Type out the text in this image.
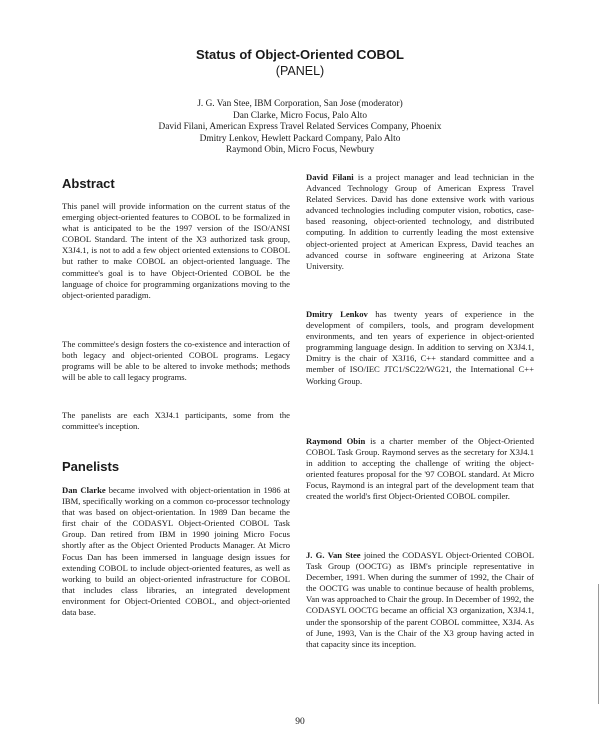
Status of Object-Oriented COBOL
(PANEL)
J. G. Van Stee, IBM Corporation, San Jose (moderator)
Dan Clarke, Micro Focus, Palo Alto
David Filani, American Express Travel Related Services Company, Phoenix
Dmitry Lenkov, Hewlett Packard Company, Palo Alto
Raymond Obin, Micro Focus, Newbury
Abstract

This panel will provide information on the current status of the emerging object-oriented features to COBOL to be formalized in what is anticipated to be the 1997 version of the ISO/ANSI COBOL Standard. The intent of the X3 authorized task group, X3J4.1, is not to add a few object oriented extensions to COBOL but rather to make COBOL an object-oriented language. The committee's goal is to have Object-Oriented COBOL be the language of choice for programming organizations moving to the object-oriented paradigm.

The committee's design fosters the co-existence and interaction of both legacy and object-oriented COBOL programs. Legacy programs will be able to be altered to invoke methods; methods will be able to call legacy programs.

The panelists are each X3J4.1 participants, some from the committee's inception.

Panelists

Dan Clarke became involved with object-orientation in 1986 at IBM, specifically working on a common co-processor technology that was based on object-orientation. In 1989 Dan became the first chair of the CODASYL Object-Oriented COBOL Task Group. Dan retired from IBM in 1990 joining Micro Focus shortly after as the Object Oriented Products Manager. At Micro Focus Dan has been immersed in language design issues for extending COBOL to include object-oriented features, as well as working to build an object-oriented infrastructure for COBOL that includes class libraries, an integrated development environment for Object-Oriented COBOL, and object-oriented data base.

David Filani is a project manager and lead technician in the Advanced Technology Group of American Express Travel Related Services. David has done extensive work with various advanced technologies including computer vision, robotics, case-based reasoning, object-oriented technology, and distributed computing. In addition to currently leading the most extensive object-oriented project at American Express, David teaches an advanced course in software engineering at Arizona State University.

Dmitry Lenkov has twenty years of experience in the development of compilers, tools, and program development environments, and ten years of experience in object-oriented programming language design. In addition to serving on X3J4.1, Dmitry is the chair of X3J16, C++ standard committee and a member of ISO/IEC JTC1/SC22/WG21, the International C++ Working Group.

Raymond Obin is a charter member of the Object-Oriented COBOL Task Group. Raymond serves as the secretary for X3J4.1 in addition to accepting the challenge of writing the object-oriented features proposal for the '97 COBOL standard. At Micro Focus, Raymond is an integral part of the development team that created the world's first Object-Oriented COBOL compiler.

J. G. Van Stee joined the CODASYL Object-Oriented COBOL Task Group (OOCTG) as IBM's principle representative in December, 1991. When during the summer of 1992, the Chair of the OOCTG was unable to continue because of health problems, Van was approached to Chair the group. In December of 1992, the CODASYL OOCTG became an official X3 organization, X3J4.1, under the sponsorship of the parent COBOL committee, X3J4. As of June, 1993, Van is the Chair of the X3 group having acted in that capacity since its inception.

90
